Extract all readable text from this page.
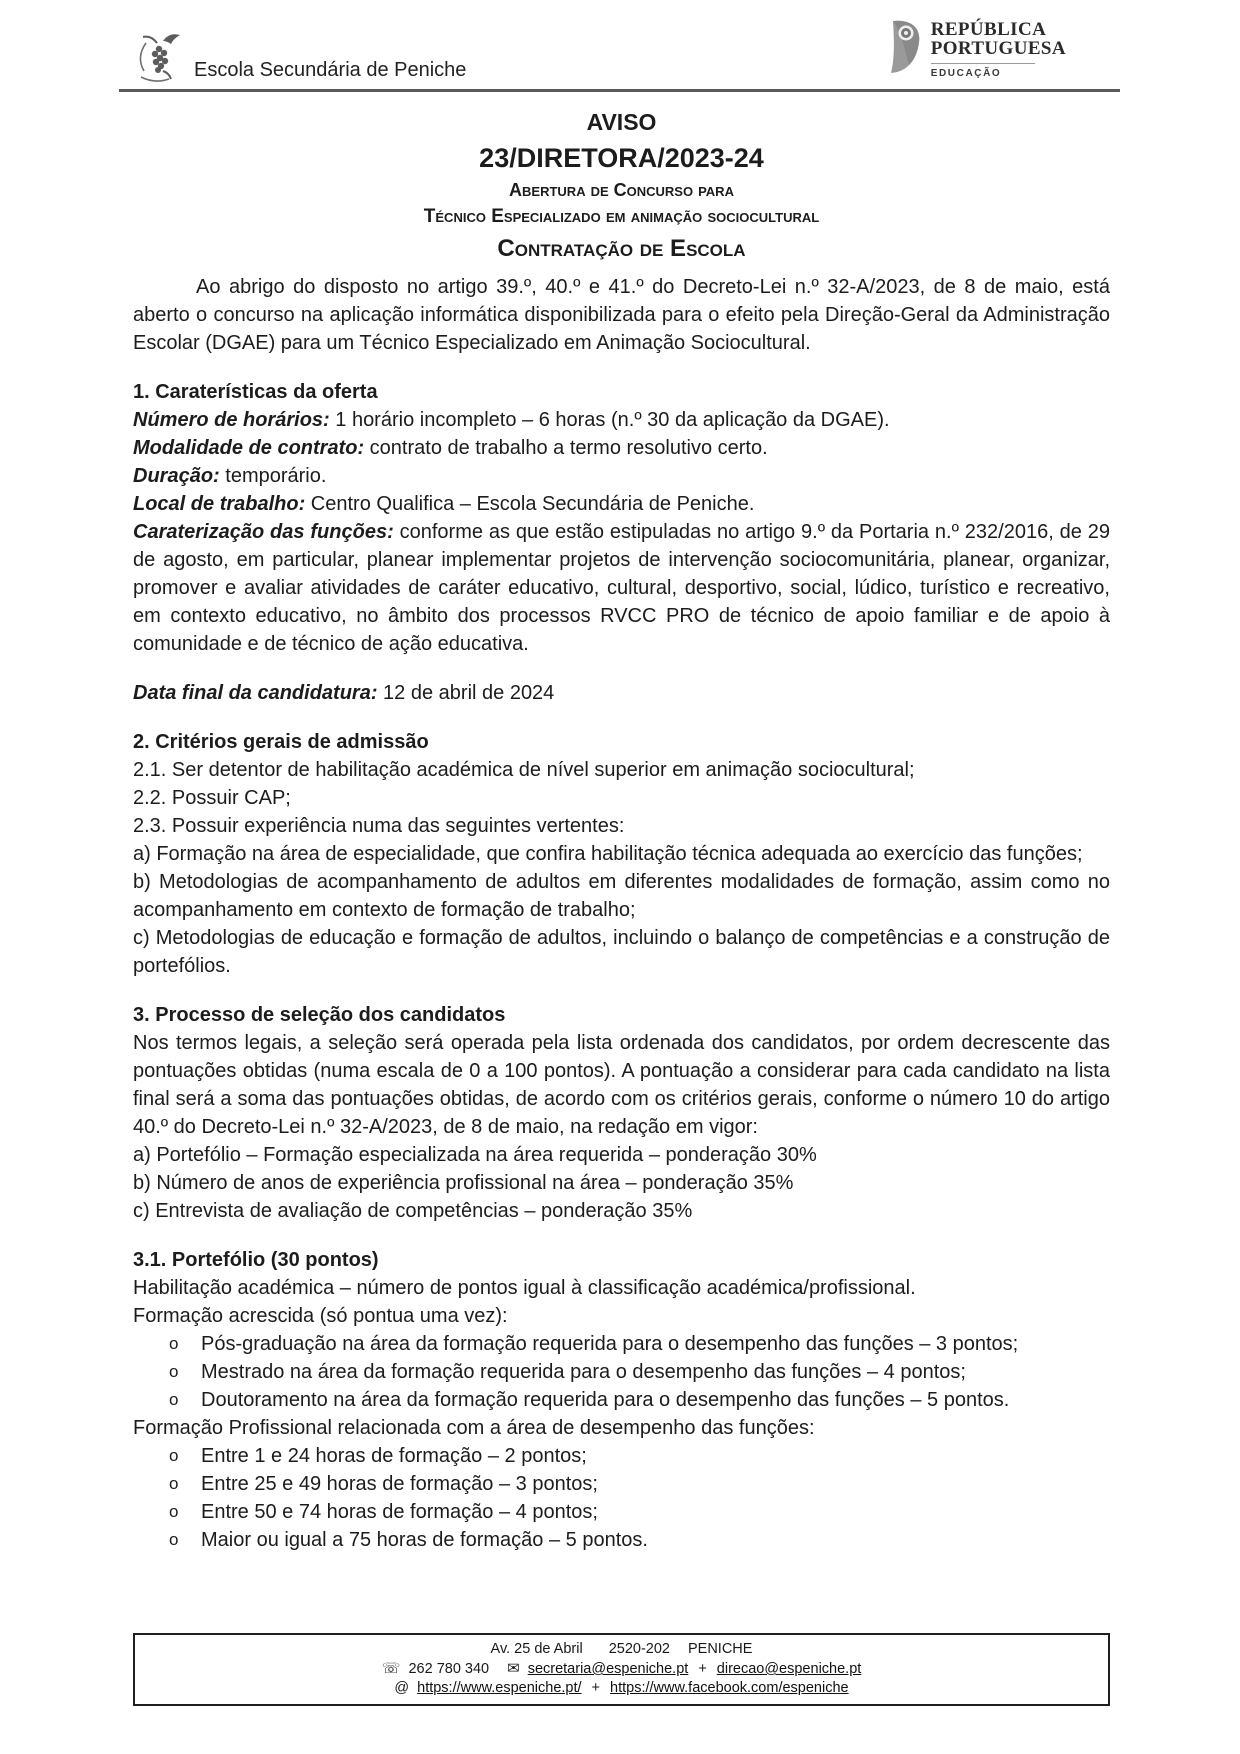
Escola Secundária de Peniche
REPÚBLICA
PORTUGUESA
EDUCAÇÃO
AVISO
23/DIRETORA/2023-24
Abertura de Concurso para
Técnico Especializado em animação sociocultural
Contratação de Escola

Ao abrigo do disposto no artigo 39.º, 40.º e 41.º do Decreto-Lei n.º 32-A/2023, de 8 de maio, está aberto o concurso na aplicação informática disponibilizada para o efeito pela Direção-Geral da Administração Escolar (DGAE) para um Técnico Especializado em Animação Sociocultural.

1. Caraterísticas da oferta

Número de horários: 1 horário incompleto – 6 horas (n.º 30 da aplicação da DGAE).

Modalidade de contrato: contrato de trabalho a termo resolutivo certo.

Duração: temporário.

Local de trabalho: Centro Qualifica – Escola Secundária de Peniche.

Caraterização das funções: conforme as que estão estipuladas no artigo 9.º da Portaria n.º 232/2016, de 29 de agosto, em particular, planear implementar projetos de intervenção sociocomunitária, planear, organizar, promover e avaliar atividades de caráter educativo, cultural, desportivo, social, lúdico, turístico e recreativo, em contexto educativo, no âmbito dos processos RVCC PRO de técnico de apoio familiar e de apoio à comunidade e de técnico de ação educativa.

Data final da candidatura: 12 de abril de 2024

2. Critérios gerais de admissão

2.1. Ser detentor de habilitação académica de nível superior em animação sociocultural;

2.2. Possuir CAP;

2.3. Possuir experiência numa das seguintes vertentes:

a) Formação na área de especialidade, que confira habilitação técnica adequada ao exercício das funções;

b) Metodologias de acompanhamento de adultos em diferentes modalidades de formação, assim como no acompanhamento em contexto de formação de trabalho;

c) Metodologias de educação e formação de adultos, incluindo o balanço de competências e a construção de portefólios.

3. Processo de seleção dos candidatos

Nos termos legais, a seleção será operada pela lista ordenada dos candidatos, por ordem decrescente das pontuações obtidas (numa escala de 0 a 100 pontos). A pontuação a considerar para cada candidato na lista final será a soma das pontuações obtidas, de acordo com os critérios gerais, conforme o número 10 do artigo 40.º do Decreto-Lei n.º 32-A/2023, de 8 de maio, na redação em vigor:

a) Portefólio – Formação especializada na área requerida – ponderação 30%

b) Número de anos de experiência profissional na área – ponderação 35%

c) Entrevista de avaliação de competências – ponderação 35%

3.1. Portefólio (30 pontos)

Habilitação académica – número de pontos igual à classificação académica/profissional.

Formação acrescida (só pontua uma vez):

o	Pós-graduação na área da formação requerida para o desempenho das funções – 3 pontos;
o	Mestrado na área da formação requerida para o desempenho das funções – 4 pontos;
o	Doutoramento na área da formação requerida para o desempenho das funções – 5 pontos.

Formação Profissional relacionada com a área de desempenho das funções:

o	Entre 1 e 24 horas de formação – 2 pontos;
o	Entre 25 e 49 horas de formação – 3 pontos;
o	Entre 50 e 74 horas de formação – 4 pontos;
o	Maior ou igual a 75 horas de formação – 5 pontos.
Av. 25 de Abril 2520-202 PENICHE
☏ 262 780 340 ✉ secretaria@espeniche.pt + direcao@espeniche.pt
@ https://www.espeniche.pt/ + https://www.facebook.com/espeniche
